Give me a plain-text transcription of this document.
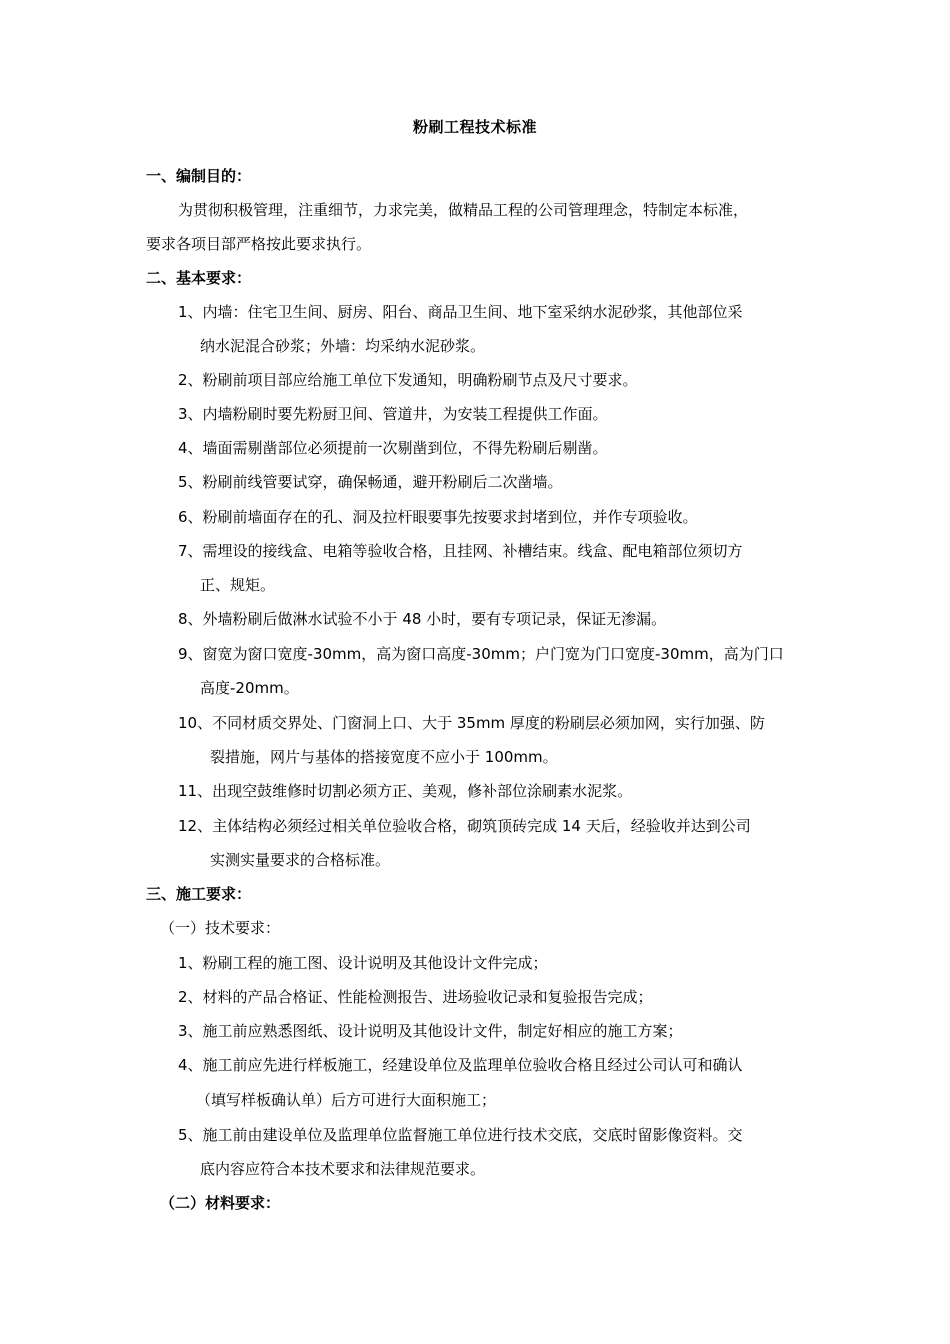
粉刷工程技术标准
一、编制目的：
为贯彻积极管理，注重细节，力求完美，做精品工程的公司管理理念，特制定本标准，
要求各项目部严格按此要求执行。
二、基本要求：
1、内墙：住宅卫生间、厨房、阳台、商品卫生间、地下室采纳水泥砂浆，其他部位采
纳水泥混合砂浆；外墙：均采纳水泥砂浆。
2、粉刷前项目部应给施工单位下发通知，明确粉刷节点及尺寸要求。
3、内墙粉刷时要先粉厨卫间、管道井，为安装工程提供工作面。
4、墙面需剔凿部位必须提前一次剔凿到位，不得先粉刷后剔凿。
5、粉刷前线管要试穿，确保畅通，避开粉刷后二次凿墙。
6、粉刷前墙面存在的孔、洞及拉杆眼要事先按要求封堵到位，并作专项验收。
7、需埋设的接线盒、电箱等验收合格，且挂网、补槽结束。线盒、配电箱部位须切方
正、规矩。
8、外墙粉刷后做淋水试验不小于 48 小时，要有专项记录，保证无渗漏。
9、窗宽为窗口宽度-30mm，高为窗口高度-30mm；户门宽为门口宽度-30mm，高为门口
高度-20mm。
10、不同材质交界处、门窗洞上口、大于 35mm 厚度的粉刷层必须加网，实行加强、防
裂措施，网片与基体的搭接宽度不应小于 100mm。
11、出现空鼓维修时切割必须方正、美观，修补部位涂刷素水泥浆。
12、主体结构必须经过相关单位验收合格，砌筑顶砖完成 14 天后，经验收并达到公司
实测实量要求的合格标准。
三、施工要求：
（一）技术要求：
1、粉刷工程的施工图、设计说明及其他设计文件完成；
2、材料的产品合格证、性能检测报告、进场验收记录和复验报告完成；
3、施工前应熟悉图纸、设计说明及其他设计文件，制定好相应的施工方案；
4、施工前应先进行样板施工，经建设单位及监理单位验收合格且经过公司认可和确认
（填写样板确认单）后方可进行大面积施工；
5、施工前由建设单位及监理单位监督施工单位进行技术交底，交底时留影像资料。交
底内容应符合本技术要求和法律规范要求。
（二）材料要求：
